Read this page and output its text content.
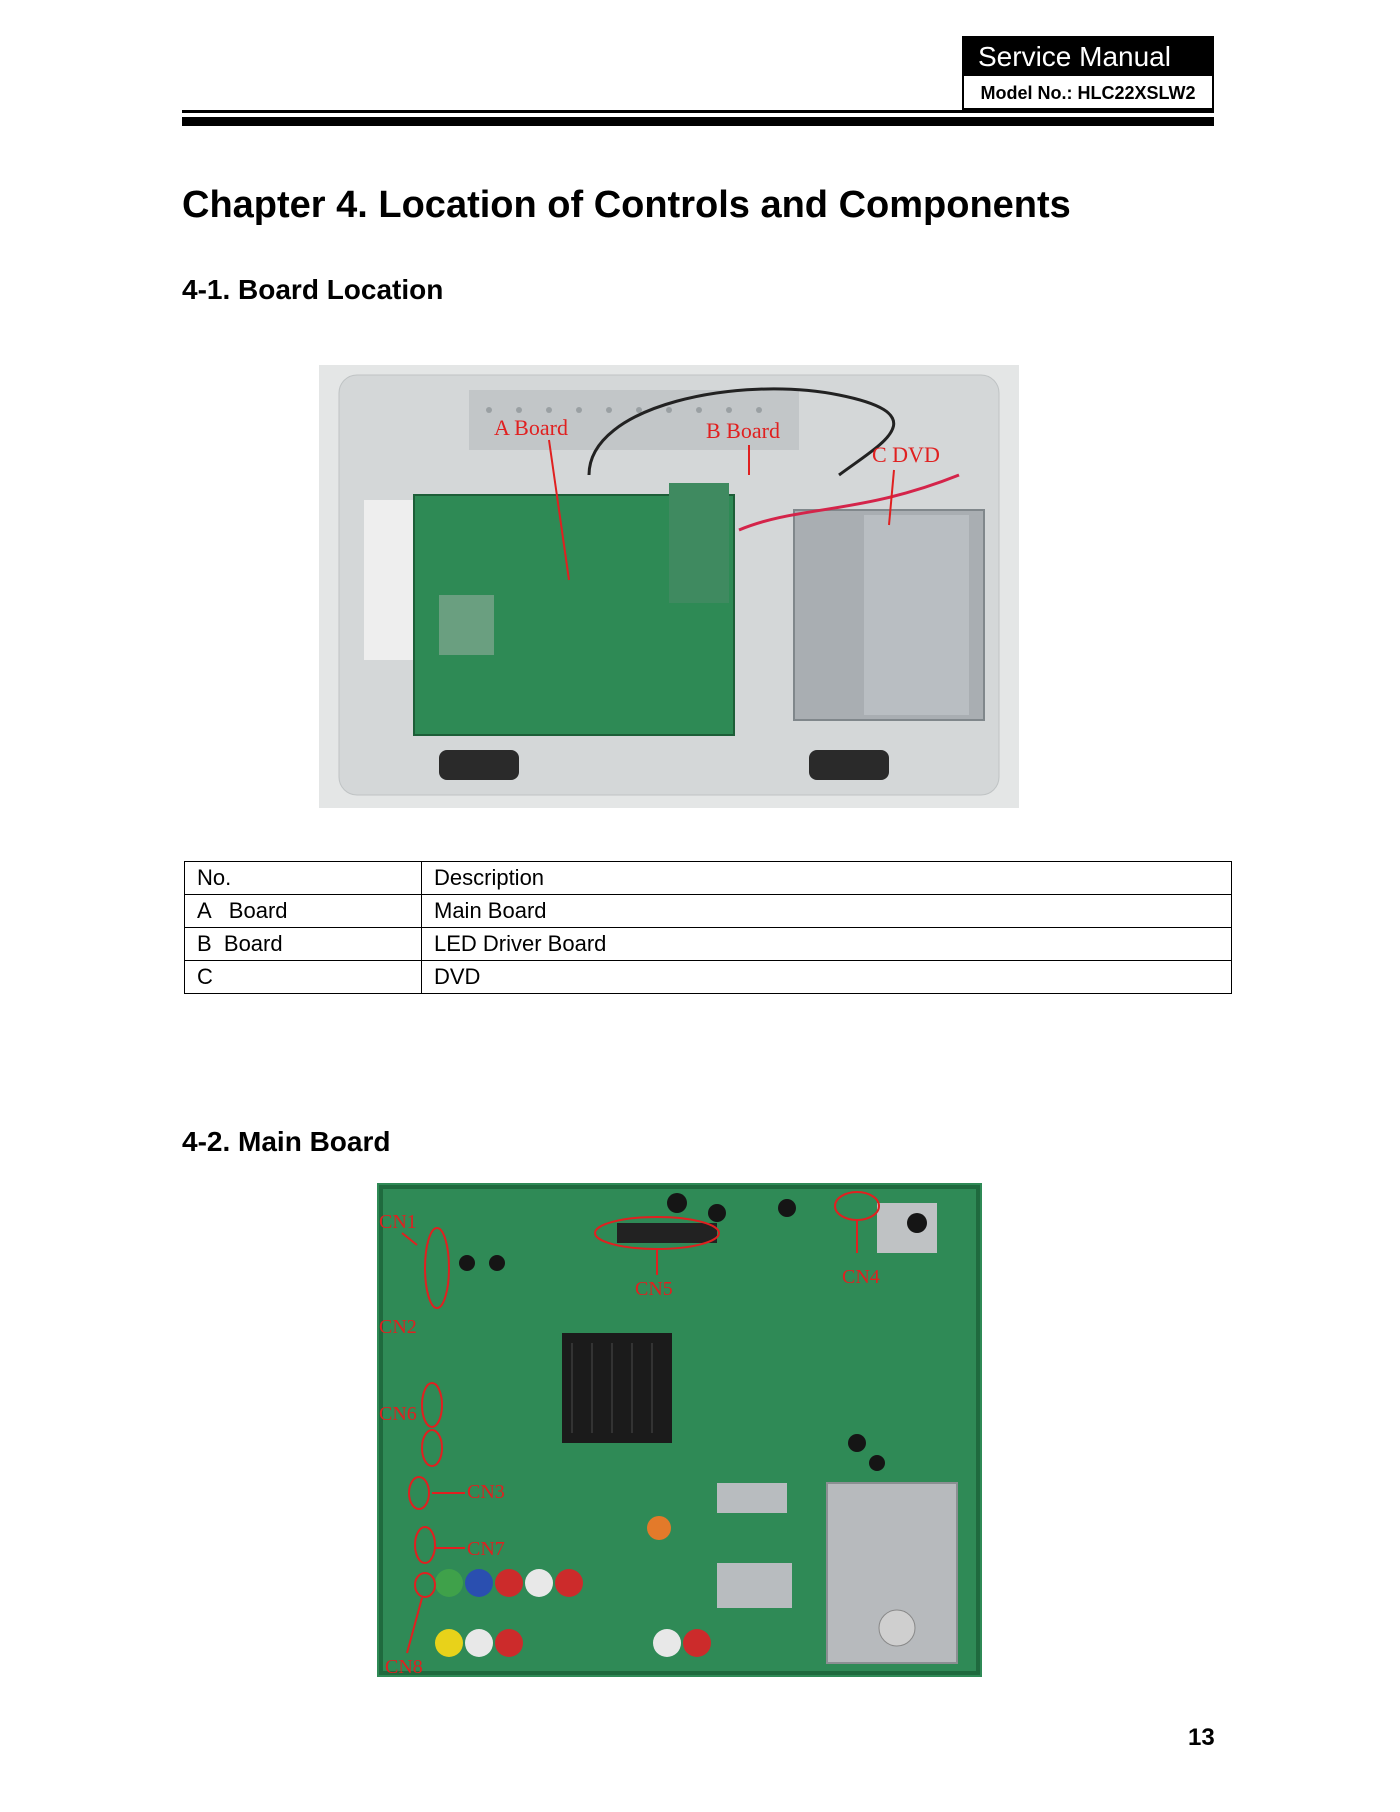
Service Manual
Model No.: HLC22XSLW2
Chapter 4. Location of Controls and Components
4-1. Board Location
A Board	B Board
C DVD
No.	Description
A   Board	Main Board
B  Board	LED Driver Board
C	DVD
4-2. Main Board
CN1
CN2
CN6
CN3
CN7
CN8
CN5
CN4
13
